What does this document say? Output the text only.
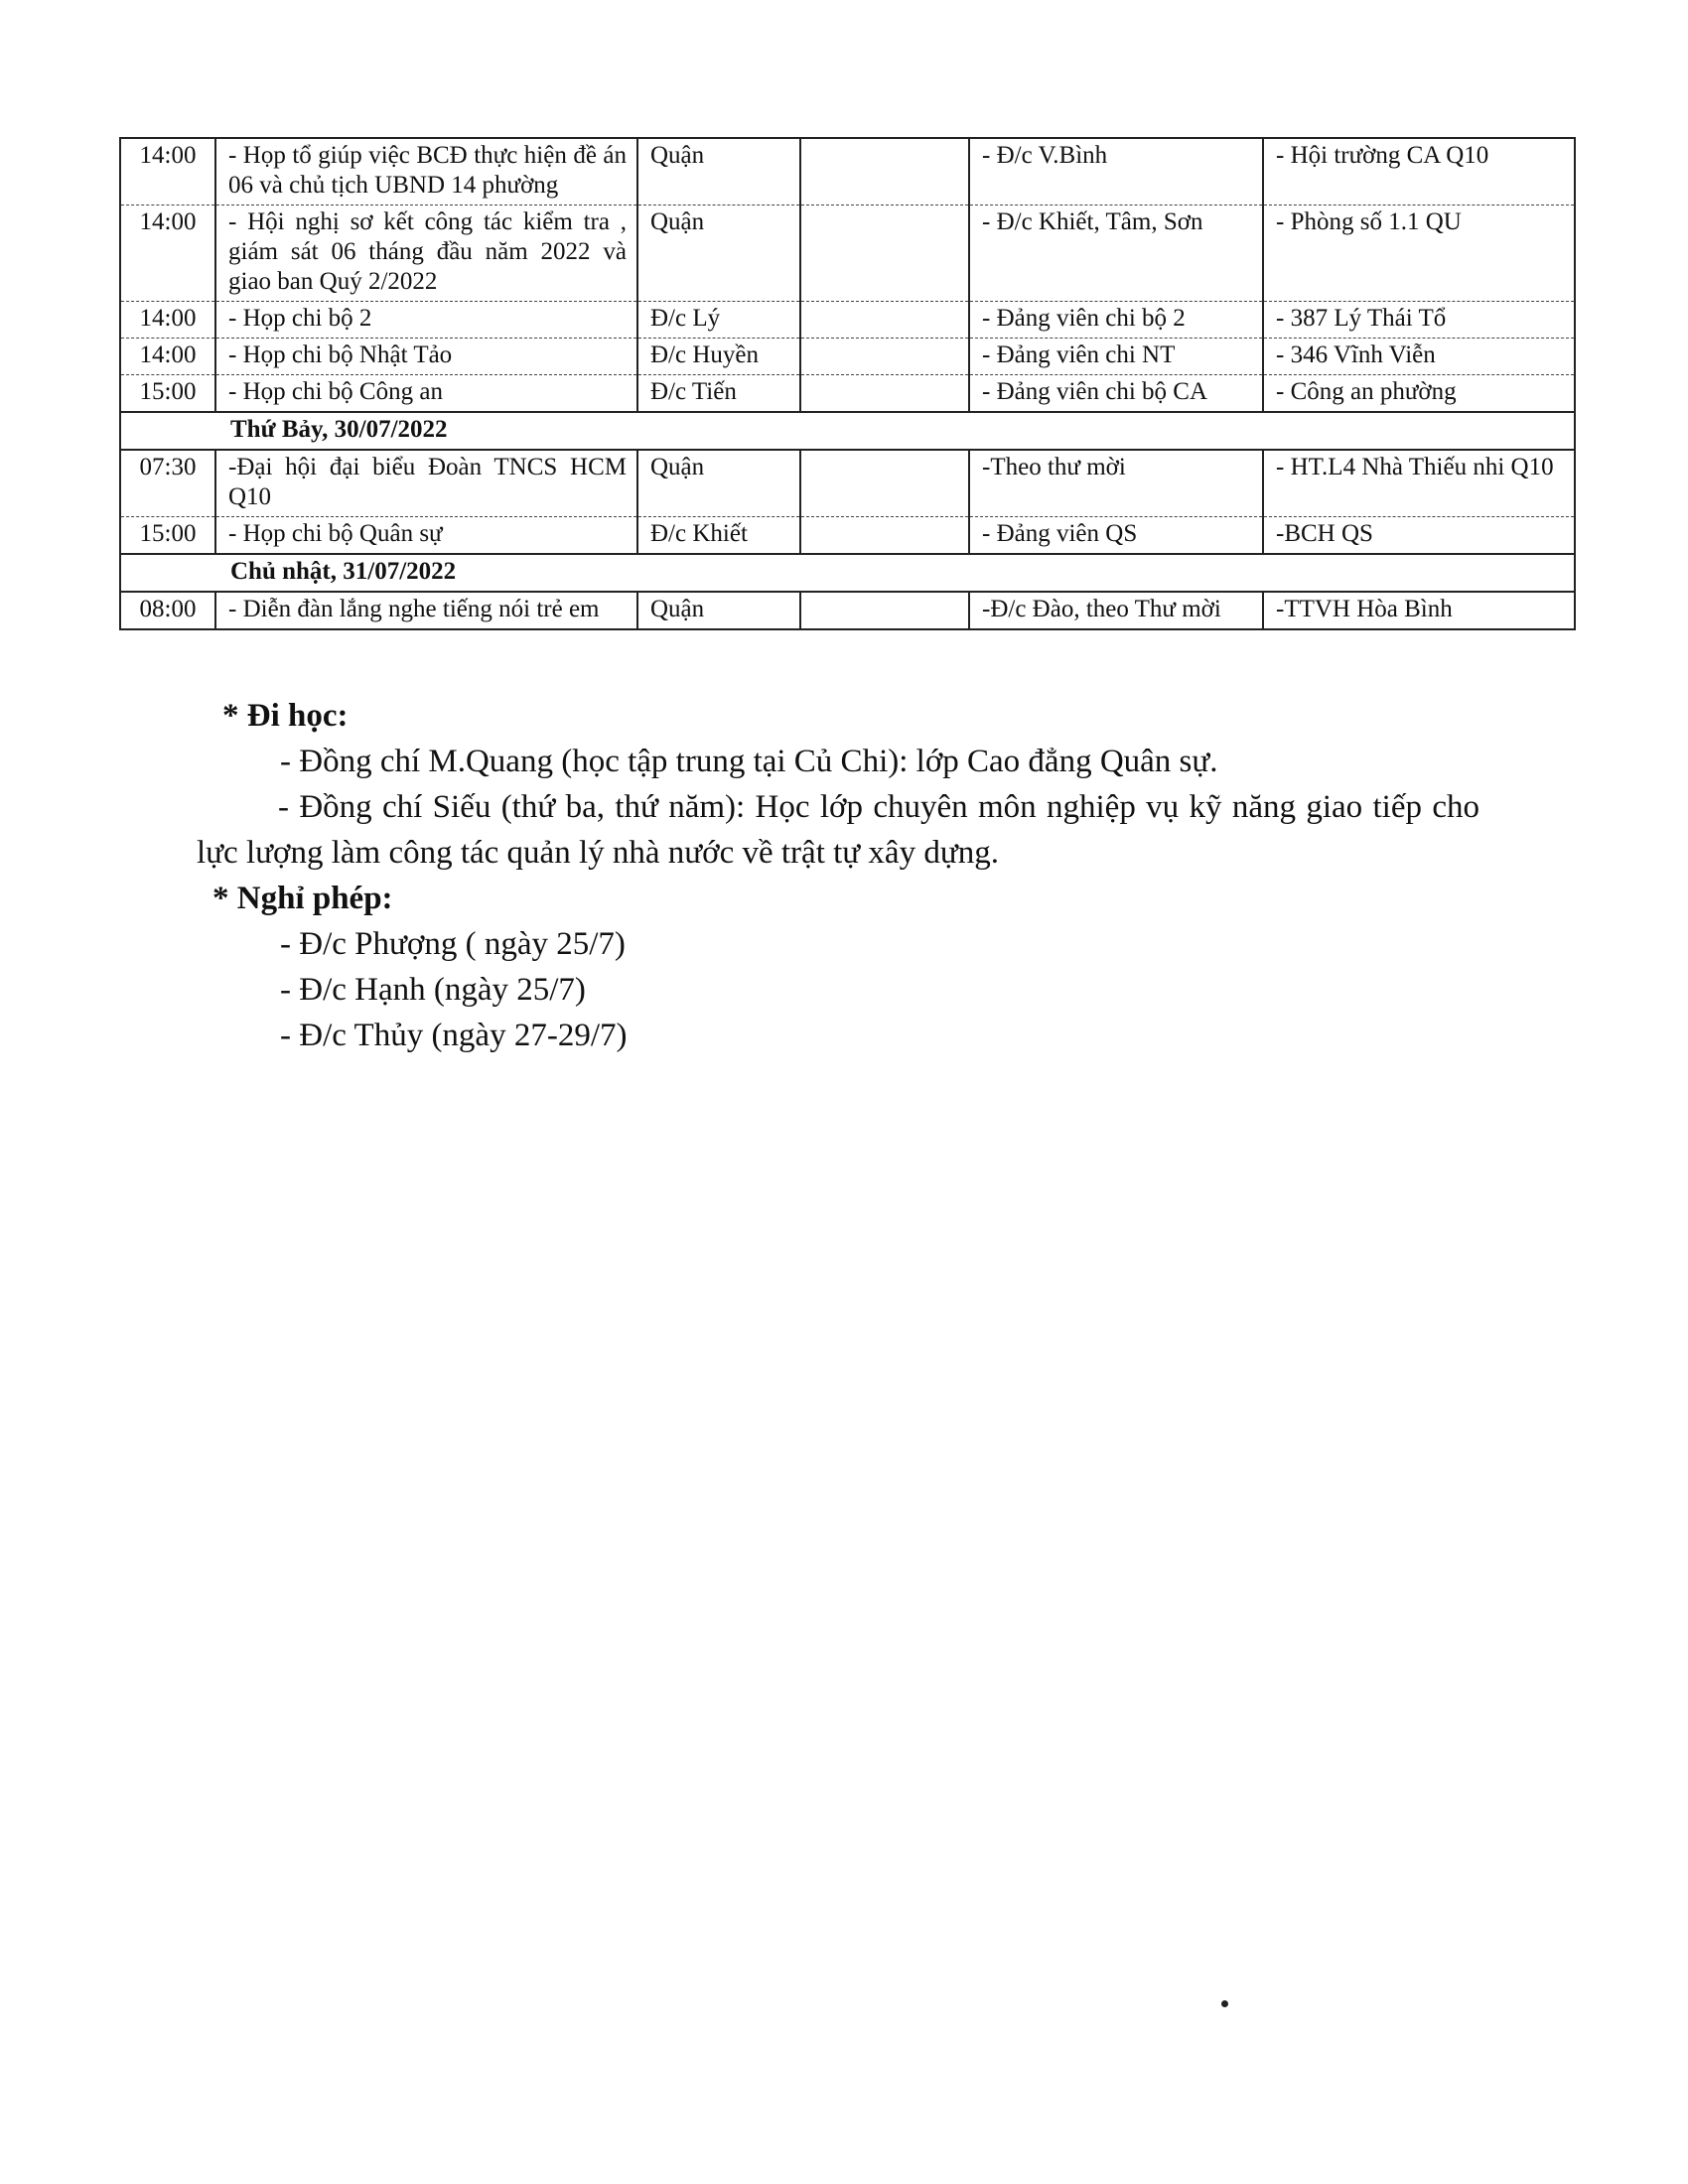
14:00	- Họp tổ giúp việc BCĐ thực hiện đề án 06 và chủ tịch UBND 14 phường	Quận		- Đ/c V.Bình	- Hội trường CA Q10
14:00	- Hội nghị sơ kết công tác kiểm tra , giám sát 06 tháng đầu năm 2022 và giao ban Quý 2/2022	Quận		- Đ/c Khiết, Tâm, Sơn	- Phòng số 1.1 QU
14:00	- Họp chi bộ 2	Đ/c Lý		- Đảng viên chi bộ 2	- 387 Lý Thái Tổ
14:00	- Họp chi bộ Nhật Tảo	Đ/c Huyền		- Đảng viên chi NT	- 346 Vĩnh Viễn
15:00	- Họp chi bộ Công an	Đ/c Tiến		- Đảng viên chi bộ CA	- Công an phường
Thứ Bảy, 30/07/2022					
07:30	-Đại hội đại biểu Đoàn TNCS HCM Q10	Quận		-Theo thư mời	- HT.L4 Nhà Thiếu nhi Q10
15:00	- Họp chi bộ Quân sự	Đ/c Khiết		- Đảng viên QS	-BCH QS
Chủ nhật, 31/07/2022					
08:00	- Diễn đàn lắng nghe tiếng nói trẻ em	Quận		-Đ/c Đào, theo Thư mời	-TTVH Hòa Bình
* Đi học:
- Đồng chí M.Quang (học tập trung tại Củ Chi): lớp Cao đẳng Quân sự.
- Đồng chí Siếu (thứ ba, thứ năm): Học lớp chuyên môn nghiệp vụ kỹ năng giao tiếp cho lực lượng làm công tác quản lý nhà nước về trật tự xây dựng.
* Nghỉ phép:
- Đ/c Phượng ( ngày 25/7)
- Đ/c Hạnh (ngày 25/7)
- Đ/c Thủy (ngày 27-29/7)
